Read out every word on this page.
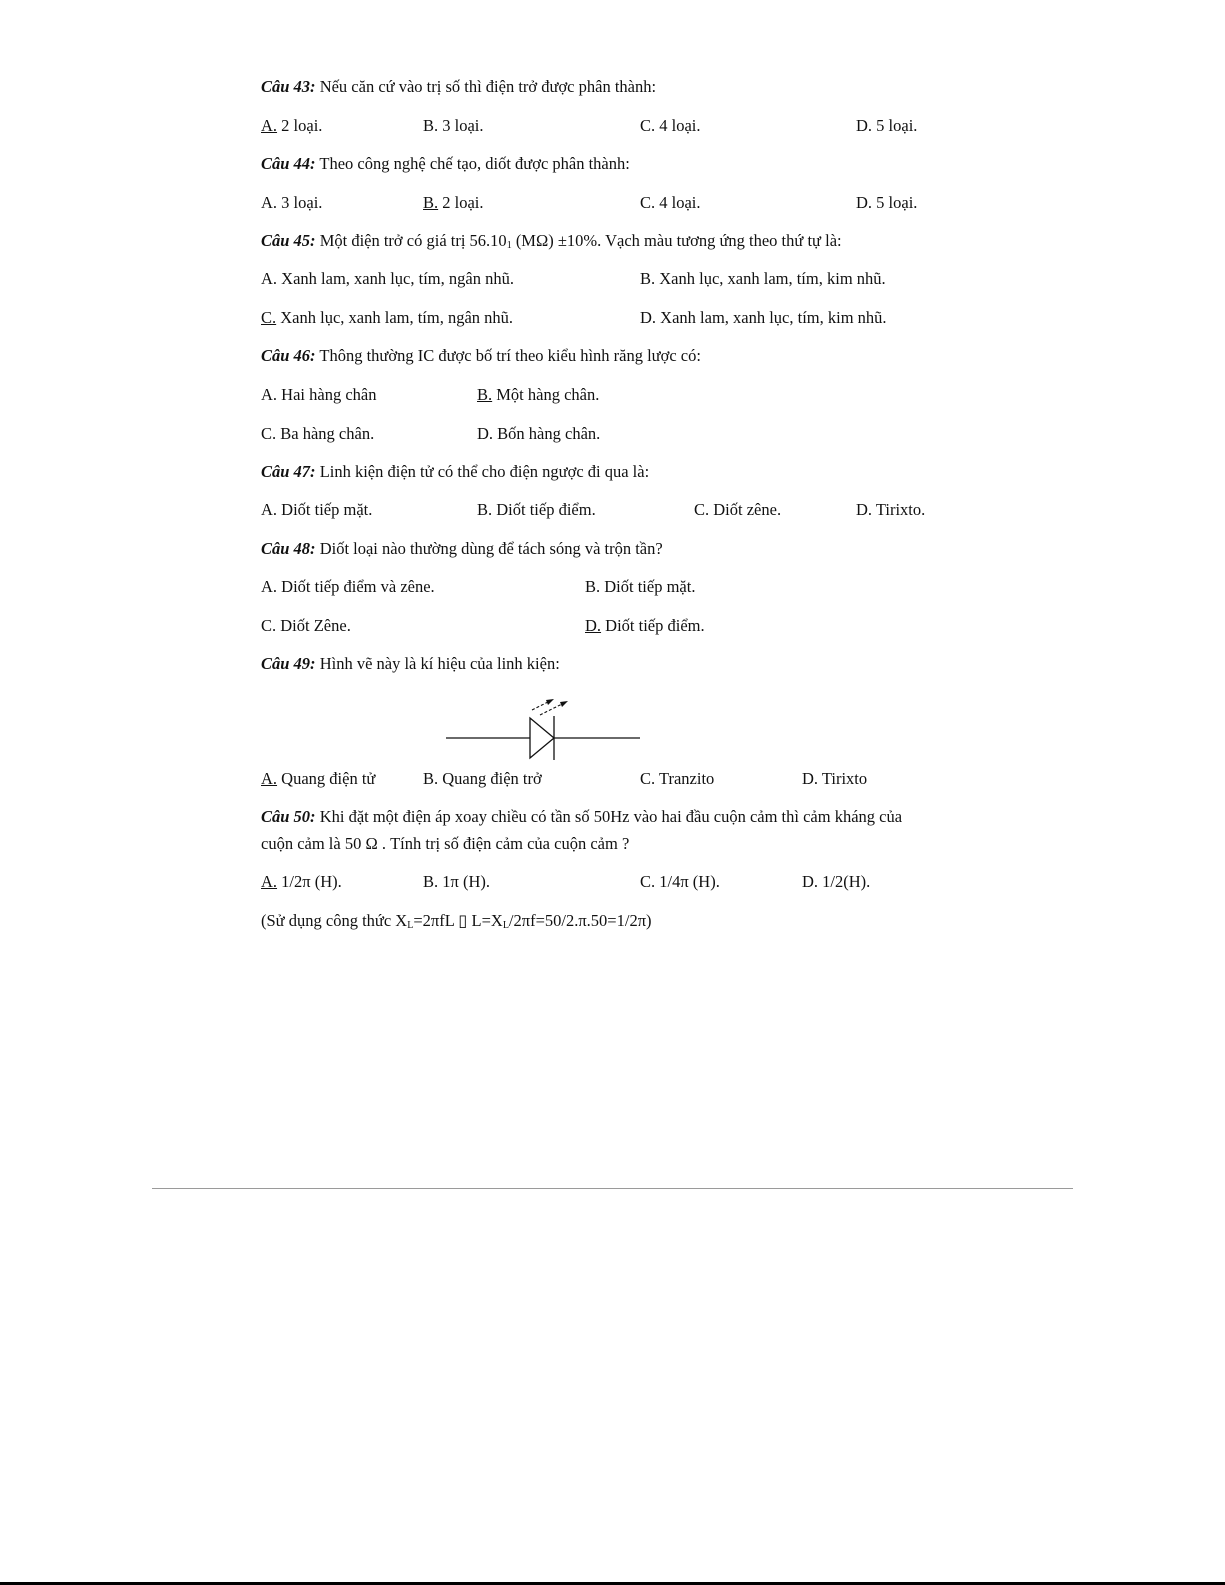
Câu 43: Nếu căn cứ vào trị số thì điện trở được phân thành:
A. 2 loại.	B. 3 loại.	C. 4 loại.	D. 5 loại.
Câu 44: Theo công nghệ chế tạo, diốt được phân thành:
A. 3 loại.	B. 2 loại.	C. 4 loại.	D. 5 loại.
Câu 45: Một điện trở có giá trị $56.10_1$ (MΩ) ±10%. Vạch màu tương ứng theo thứ tự là:
A. Xanh lam, xanh lục, tím, ngân nhũ.	B. Xanh lục, xanh lam, tím, kim nhũ.
C. Xanh lục, xanh lam, tím, ngân nhũ.	D. Xanh lam, xanh lục, tím, kim nhũ.
Câu 46: Thông thường IC được bố trí theo kiểu hình răng lược có:
A. Hai hàng chân	B. Một hàng chân.
C. Ba hàng chân.	D. Bốn hàng chân.
Câu 47: Linh kiện điện tử có thể cho điện ngược đi qua là:
A. Diốt tiếp mặt.	B. Diốt tiếp điểm.	C. Diốt zêne.	D. Tirixto.
Câu 48: Diốt loại nào thường dùng để tách sóng và trộn tần?
A. Diốt tiếp điểm và zêne.	B. Diốt tiếp mặt.
C. Diốt Zêne.	D. Diốt tiếp điểm.
Câu 49: Hình vẽ này là kí hiệu của linh kiện:
A. Quang điện tử	B. Quang điện trở	C. Tranzito	D. Tirixto
Câu 50: Khi đặt một điện áp xoay chiều có tần số 50Hz vào hai đầu cuộn cảm thì cảm kháng của
cuộn cảm là 50 Ω . Tính trị số điện cảm của cuộn cảm ?
A. 1/2π (H).	B. 1π (H).	C. 1/4π (H).	D. 1/2(H).
(Sử dụng công thức $X_L=2\pi fL$ ▯ $L=X_L/2\pi f=50/2.\pi.50=1/2\pi$)
